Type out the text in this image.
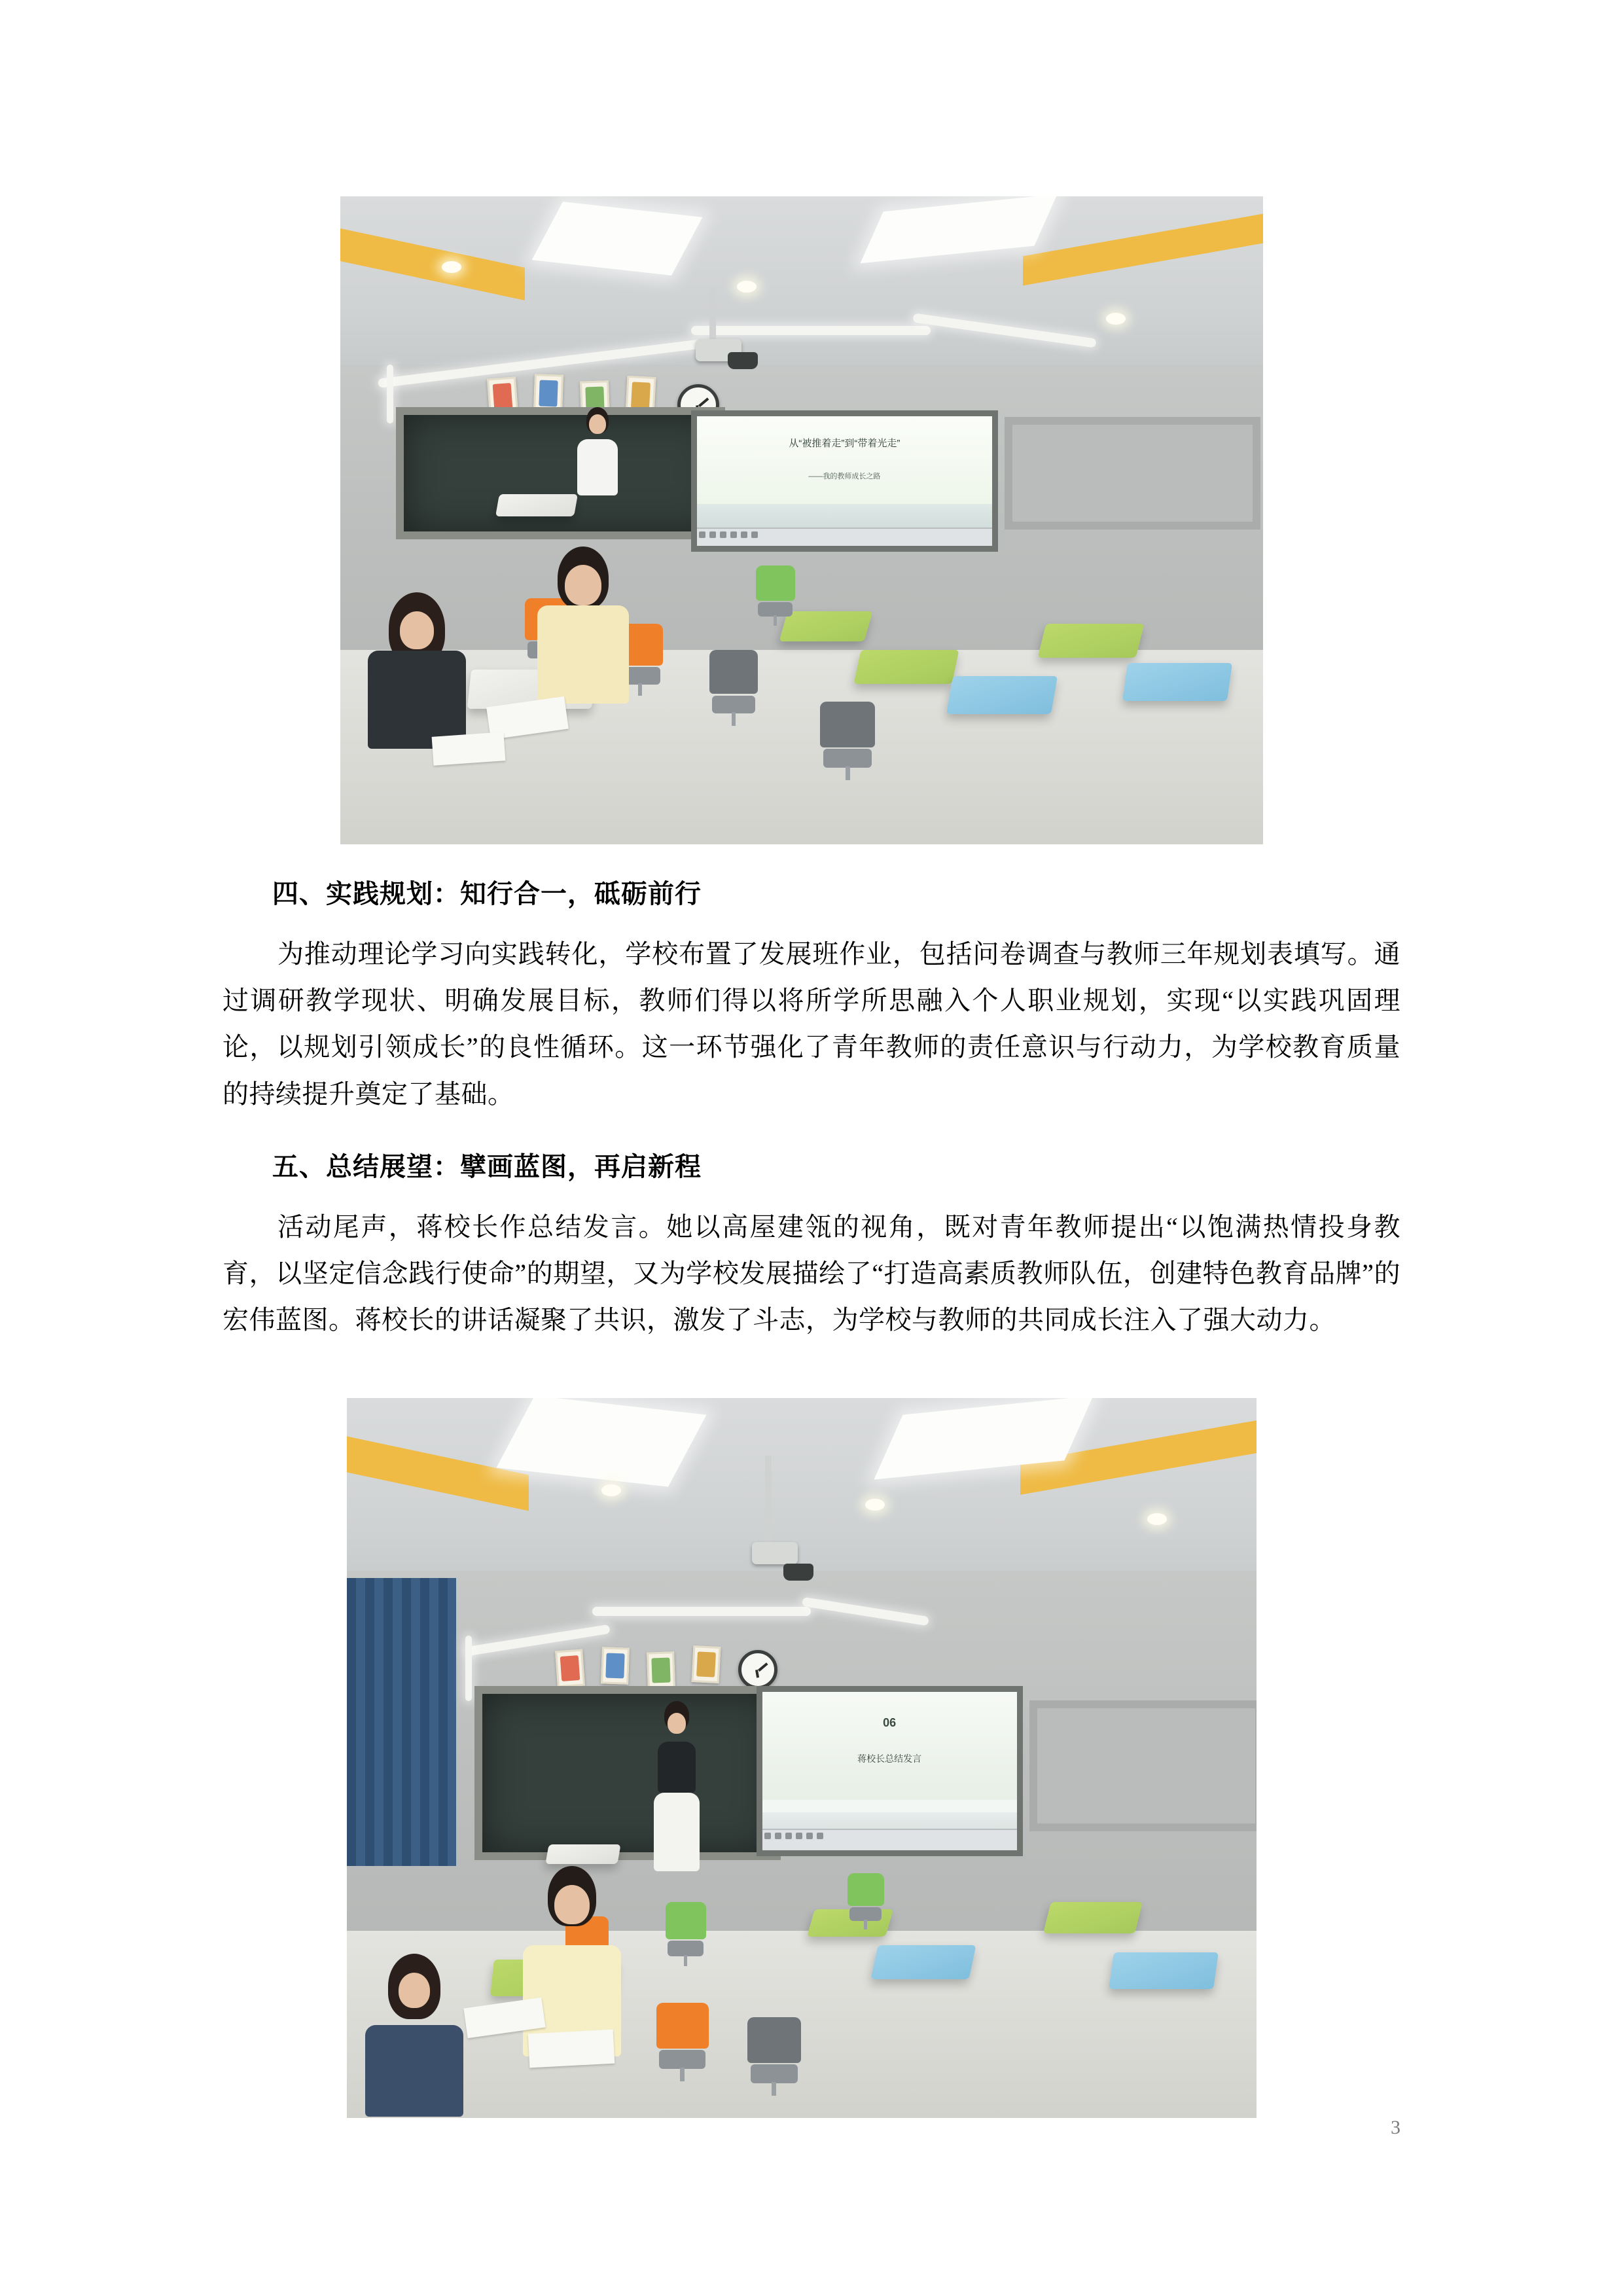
从“被推着走”到“带着光走”
——我的教师成长之路
四、实践规划：知行合一，砥砺前行

为推动理论学习向实践转化，学校布置了发展班作业，包括问卷调查与教师三年规划表填写。通过调研教学现状、明确发展目标，教师们得以将所学所思融入个人职业规划，实现“以实践巩固理论，以规划引领成长”的良性循环。这一环节强化了青年教师的责任意识与行动力，为学校教育质量的持续提升奠定了基础。

五、总结展望：擘画蓝图，再启新程

活动尾声，蒋校长作总结发言。她以高屋建瓴的视角，既对青年教师提出“以饱满热情投身教育，以坚定信念践行使命”的期望，又为学校发展描绘了“打造高素质教师队伍，创建特色教育品牌”的宏伟蓝图。蒋校长的讲话凝聚了共识，激发了斗志，为学校与教师的共同成长注入了强大动力。

06
蒋校长总结发言
3
